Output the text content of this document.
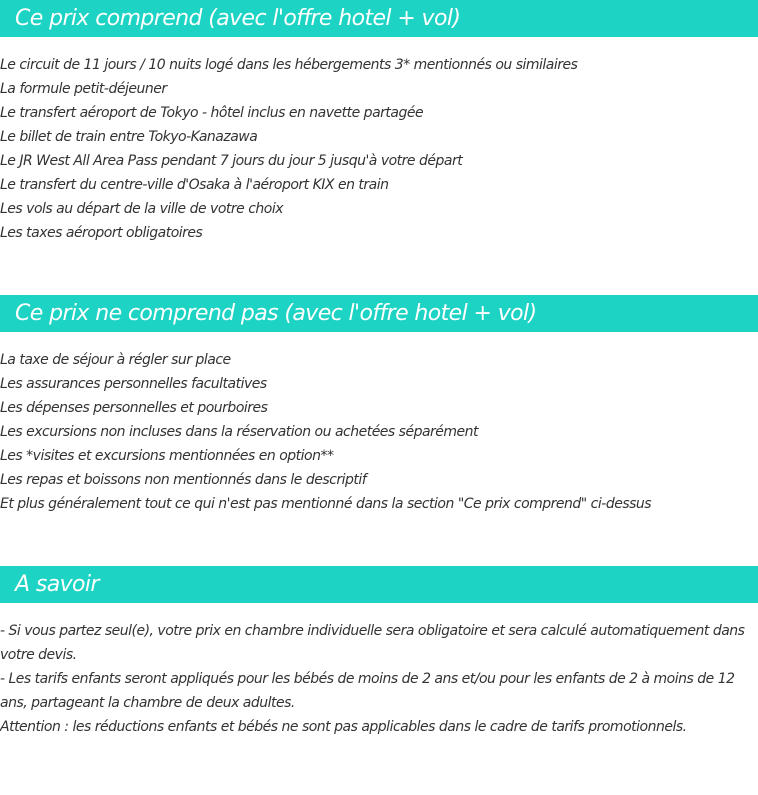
Ce prix comprend (avec l'offre hotel + vol)
Le circuit de 11 jours / 10 nuits logé dans les hébergements 3* mentionnés ou similaires
La formule petit-déjeuner
Le transfert aéroport de Tokyo - hôtel inclus en navette partagée
Le billet de train entre Tokyo-Kanazawa
Le JR West All Area Pass pendant 7 jours du jour 5 jusqu'à votre départ
Le transfert du centre-ville d'Osaka à l'aéroport KIX en train
Les vols au départ de la ville de votre choix
Les taxes aéroport obligatoires
Ce prix ne comprend pas (avec l'offre hotel + vol)
La taxe de séjour à régler sur place
Les assurances personnelles facultatives
Les dépenses personnelles et pourboires
Les excursions non incluses dans la réservation ou achetées séparément
Les *visites et excursions mentionnées en option**
Les repas et boissons non mentionnés dans le descriptif
Et plus généralement tout ce qui n'est pas mentionné dans la section "Ce prix comprend" ci-dessus
A savoir
- Si vous partez seul(e), votre prix en chambre individuelle sera obligatoire et sera calculé automatiquement dans votre devis.
- Les tarifs enfants seront appliqués pour les bébés de moins de 2 ans et/ou pour les enfants de 2 à moins de 12 ans, partageant la chambre de deux adultes.
Attention : les réductions enfants et bébés ne sont pas applicables dans le cadre de tarifs promotionnels.
